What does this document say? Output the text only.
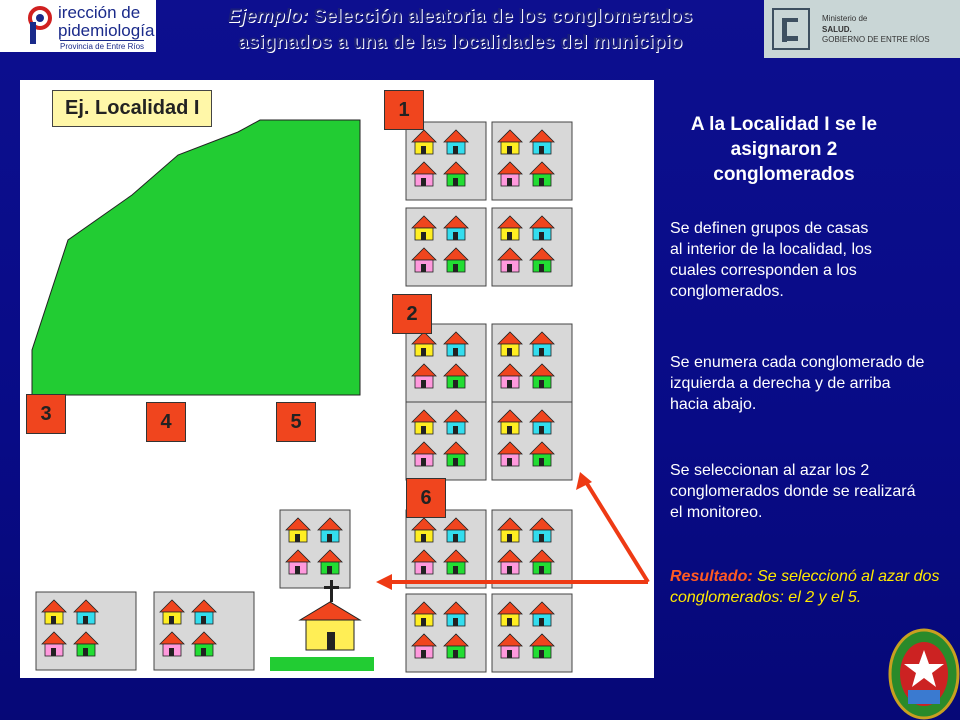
irección de
pidemiología
Provincia de Entre Ríos
Ejemplo: Selección aleatoria de los conglomerados
asignados a una de las localidades del municipio
Ministerio de
SALUD.
GOBIERNO DE ENTRE RÍOS
Ej. Localidad I	1
2
3	4	5
6
A la Localidad I se le asignaron 2 conglomerados
Se definen grupos de casas al interior de la localidad, los cuales corresponden a los conglomerados.
Se enumera cada conglomerado de izquierda a derecha y de arriba hacia abajo.
Se seleccionan al azar los 2 conglomerados donde se realizará el monitoreo.
Resultado: Se seleccionó al azar dos conglomerados: el 2 y el 5.
